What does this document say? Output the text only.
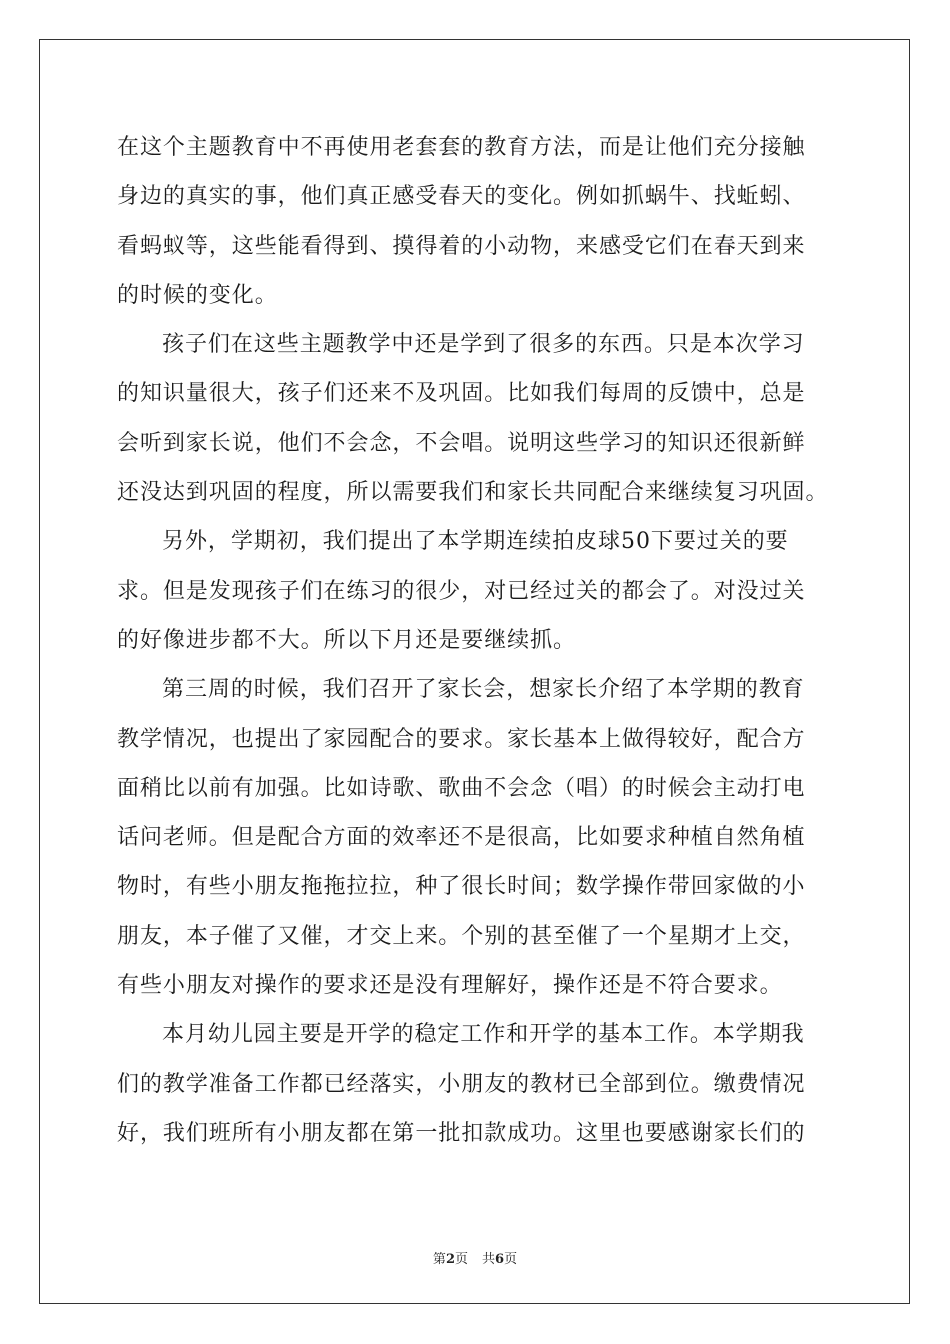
在这个主题教育中不再使用老套套的教育方法，而是让他们充分接触
身边的真实的事，他们真正感受春天的变化。例如抓蜗牛、找蚯蚓、
看蚂蚁等，这些能看得到、摸得着的小动物，来感受它们在春天到来
的时候的变化。

孩子们在这些主题教学中还是学到了很多的东西。只是本次学习
的知识量很大，孩子们还来不及巩固。比如我们每周的反馈中，总是
会听到家长说，他们不会念，不会唱。说明这些学习的知识还很新鲜
还没达到巩固的程度，所以需要我们和家长共同配合来继续复习巩固。

另外，学期初，我们提出了本学期连续拍皮球50下要过关的要
求。但是发现孩子们在练习的很少，对已经过关的都会了。对没过关
的好像进步都不大。所以下月还是要继续抓。

第三周的时候，我们召开了家长会，想家长介绍了本学期的教育
教学情况，也提出了家园配合的要求。家长基本上做得较好，配合方
面稍比以前有加强。比如诗歌、歌曲不会念（唱）的时候会主动打电
话问老师。但是配合方面的效率还不是很高，比如要求种植自然角植
物时，有些小朋友拖拖拉拉，种了很长时间；数学操作带回家做的小
朋友，本子催了又催，才交上来。个别的甚至催了一个星期才上交，
有些小朋友对操作的要求还是没有理解好，操作还是不符合要求。

本月幼儿园主要是开学的稳定工作和开学的基本工作。本学期我
们的教学准备工作都已经落实，小朋友的教材已全部到位。缴费情况
好，我们班所有小朋友都在第一批扣款成功。这里也要感谢家长们的

第2页 共6页
